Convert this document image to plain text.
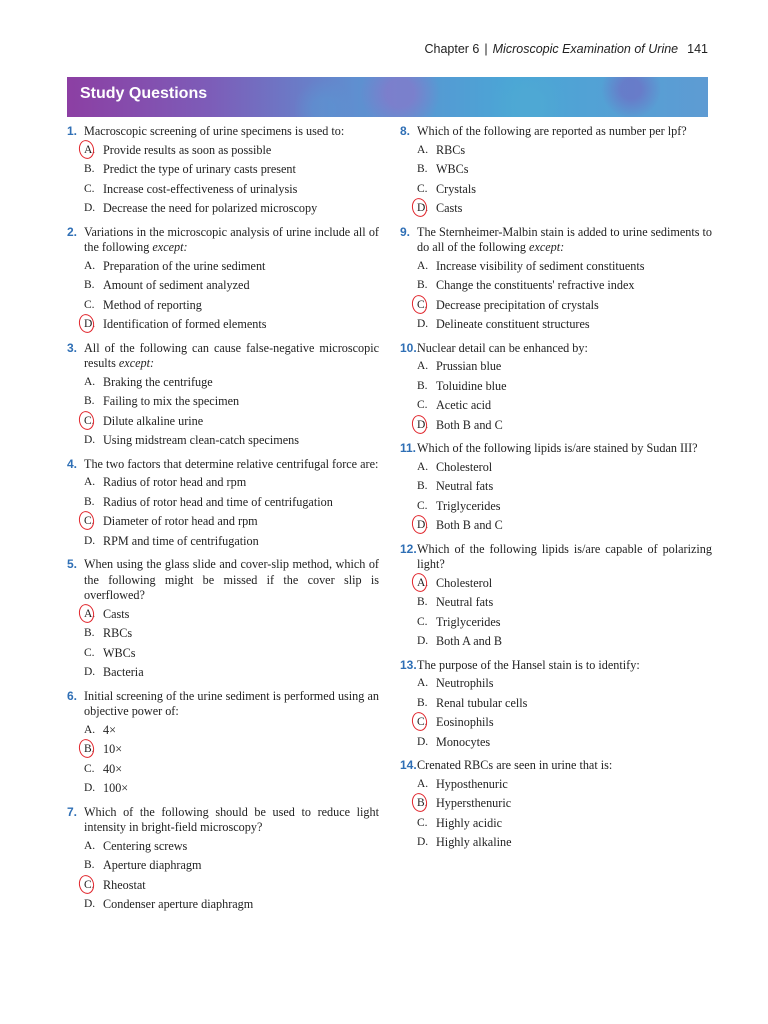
Chapter 6 | Microscopic Examination of Urine 141
Study Questions
1. Macroscopic screening of urine specimens is used to:
A. Provide results as soon as possible
B. Predict the type of urinary casts present
C. Increase cost-effectiveness of urinalysis
D. Decrease the need for polarized microscopy
2. Variations in the microscopic analysis of urine include all of the following except:
A. Preparation of the urine sediment
B. Amount of sediment analyzed
C. Method of reporting
D. Identification of formed elements
3. All of the following can cause false-negative microscopic results except:
A. Braking the centrifuge
B. Failing to mix the specimen
C. Dilute alkaline urine
D. Using midstream clean-catch specimens
4. The two factors that determine relative centrifugal force are:
A. Radius of rotor head and rpm
B. Radius of rotor head and time of centrifugation
C. Diameter of rotor head and rpm
D. RPM and time of centrifugation
5. When using the glass slide and cover-slip method, which of the following might be missed if the cover slip is overflowed?
A. Casts
B. RBCs
C. WBCs
D. Bacteria
6. Initial screening of the urine sediment is performed using an objective power of:
A. 4×
B. 10×
C. 40×
D. 100×
7. Which of the following should be used to reduce light intensity in bright-field microscopy?
A. Centering screws
B. Aperture diaphragm
C. Rheostat
D. Condenser aperture diaphragm
8. Which of the following are reported as number per lpf?
A. RBCs
B. WBCs
C. Crystals
D. Casts
9. The Sternheimer-Malbin stain is added to urine sediments to do all of the following except:
A. Increase visibility of sediment constituents
B. Change the constituents' refractive index
C. Decrease precipitation of crystals
D. Delineate constituent structures
10. Nuclear detail can be enhanced by:
A. Prussian blue
B. Toluidine blue
C. Acetic acid
D. Both B and C
11. Which of the following lipids is/are stained by Sudan III?
A. Cholesterol
B. Neutral fats
C. Triglycerides
D. Both B and C
12. Which of the following lipids is/are capable of polarizing light?
A. Cholesterol
B. Neutral fats
C. Triglycerides
D. Both A and B
13. The purpose of the Hansel stain is to identify:
A. Neutrophils
B. Renal tubular cells
C. Eosinophils
D. Monocytes
14. Crenated RBCs are seen in urine that is:
A. Hyposthenuric
B. Hypersthenuric
C. Highly acidic
D. Highly alkaline
